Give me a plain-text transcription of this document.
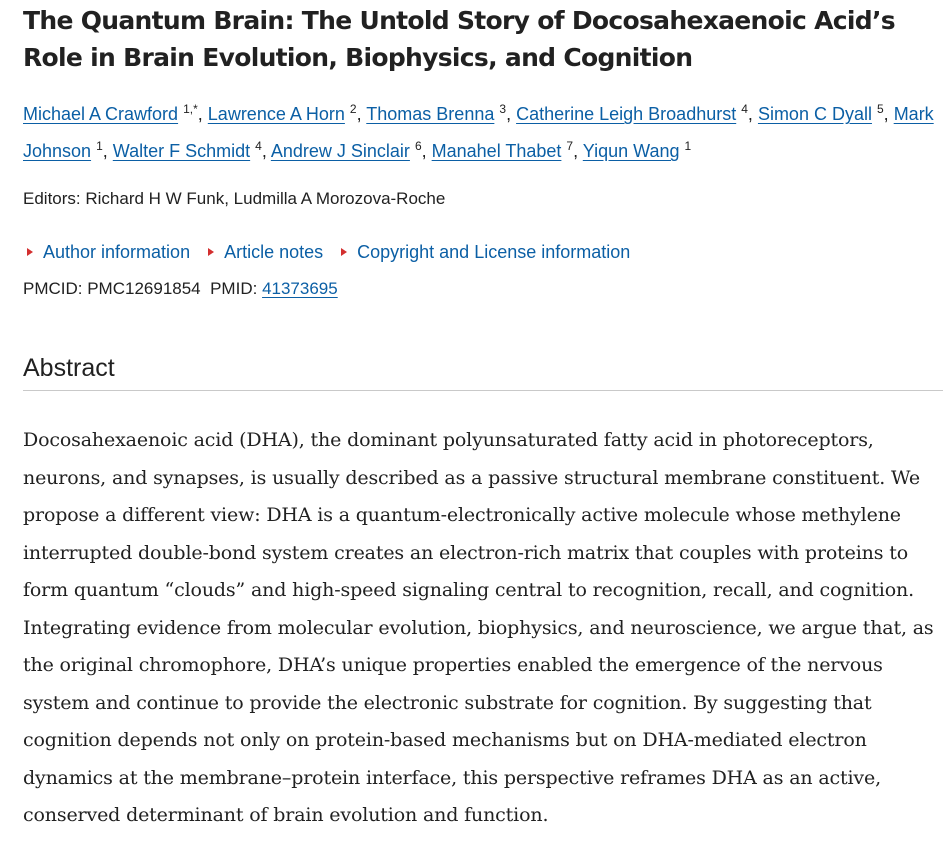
The Quantum Brain: The Untold Story of Docosahexaenoic Acid’s Role in Brain Evolution, Biophysics, and Cognition
Michael A Crawford $^{1,*}$, Lawrence A Horn $^2$, Thomas Brenna $^3$, Catherine Leigh Broadhurst $^4$, Simon C Dyall $^5$, Mark Johnson $^1$, Walter F Schmidt $^4$, Andrew J Sinclair $^6$, Manahel Thabet $^7$, Yiqun Wang $^1$
Editors: Richard H W Funk, Ludmilla A Morozova-Roche
Author information Article notes Copyright and License information
PMCID: PMC12691854 PMID: 41373695
Abstract

Docosahexaenoic acid (DHA), the dominant polyunsaturated fatty acid in photoreceptors, neurons, and synapses, is usually described as a passive structural membrane constituent. We propose a different view: DHA is a quantum-electronically active molecule whose methylene interrupted double-bond system creates an electron-rich matrix that couples with proteins to form quantum “clouds” and high-speed signaling central to recognition, recall, and cognition. Integrating evidence from molecular evolution, biophysics, and neuroscience, we argue that, as the original chromophore, DHA’s unique properties enabled the emergence of the nervous system and continue to provide the electronic substrate for cognition. By suggesting that cognition depends not only on protein-based mechanisms but on DHA-mediated electron dynamics at the membrane–protein interface, this perspective reframes DHA as an active, conserved determinant of brain evolution and function.
